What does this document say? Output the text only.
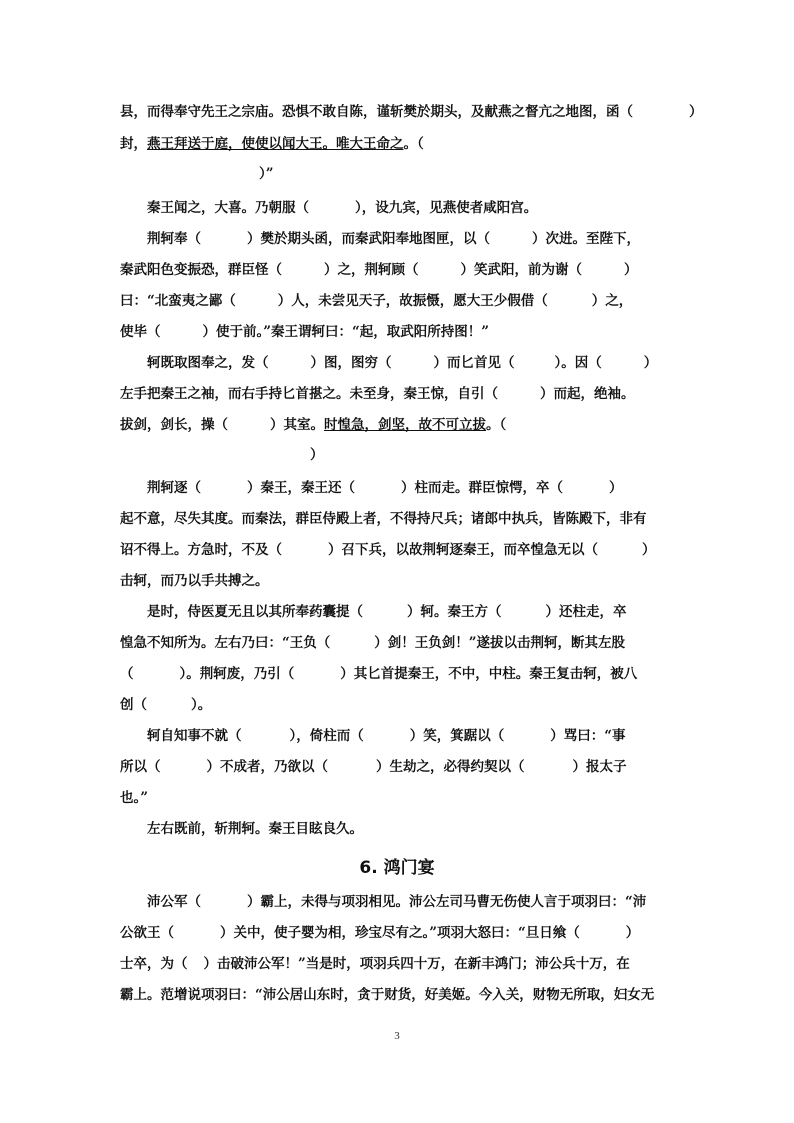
县，而得奉守先王之宗庙。恐惧不敢自陈，谨斩樊於期头，及献燕之督亢之地图，函（	）
封，燕王拜送于庭，使使以闻大王。唯大王命之。（
）”
秦王闻之，大喜。乃朝服（	），设九宾，见燕使者咸阳宫。
荆轲奉（	）樊於期头函，而秦武阳奉地图匣，以（	）次进。至陛下，
秦武阳色变振恐，群臣怪（	）之，荆轲顾（	）笑武阳，前为谢（	）
曰：“北蛮夷之鄙（	）人，未尝见天子，故振慑，愿大王少假借（	）之，
使毕（	）使于前。”秦王谓轲曰：“起，取武阳所持图！”
轲既取图奉之，发（	）图，图穷（	）而匕首见（	）。因（	）
左手把秦王之袖，而右手持匕首揕之。未至身，秦王惊，自引（	）而起，绝袖。
拔剑，剑长，操（	）其室。时惶急，剑坚，故不可立拔。（
）
荆轲逐（	）秦王，秦王还（	）柱而走。群臣惊愕，卒（	）
起不意，尽失其度。而秦法，群臣侍殿上者，不得持尺兵；诸郎中执兵，皆陈殿下，非有
诏不得上。方急时，不及（	）召下兵，以故荆轲逐秦王，而卒惶急无以（	）
击轲，而乃以手共搏之。
是时，侍医夏无且以其所奉药囊提（	）轲。秦王方（	）还柱走，卒
惶急不知所为。左右乃曰：“王负（	）剑！王负剑！”遂拔以击荆轲，断其左股
（	）。荆轲废，乃引（	）其匕首提秦王，不中，中柱。秦王复击轲，被八
创（	）。
轲自知事不就（	），倚柱而（	）笑，箕踞以（	）骂曰：“事
所以（	）不成者，乃欲以（	）生劫之，必得约契以（	）报太子
也。”
左右既前，斩荆轲。秦王目眩良久。
6. 鸿门宴
沛公军（	）霸上，未得与项羽相见。沛公左司马曹无伤使人言于项羽曰：“沛
公欲王（	）关中，使子婴为相，珍宝尽有之。”项羽大怒曰：“旦日飨（	）
士卒，为（ ）击破沛公军！”当是时，项羽兵四十万，在新丰鸿门；沛公兵十万，在
霸上。范增说项羽曰：“沛公居山东时，贪于财货，好美姬。今入关，财物无所取，妇女无
3
